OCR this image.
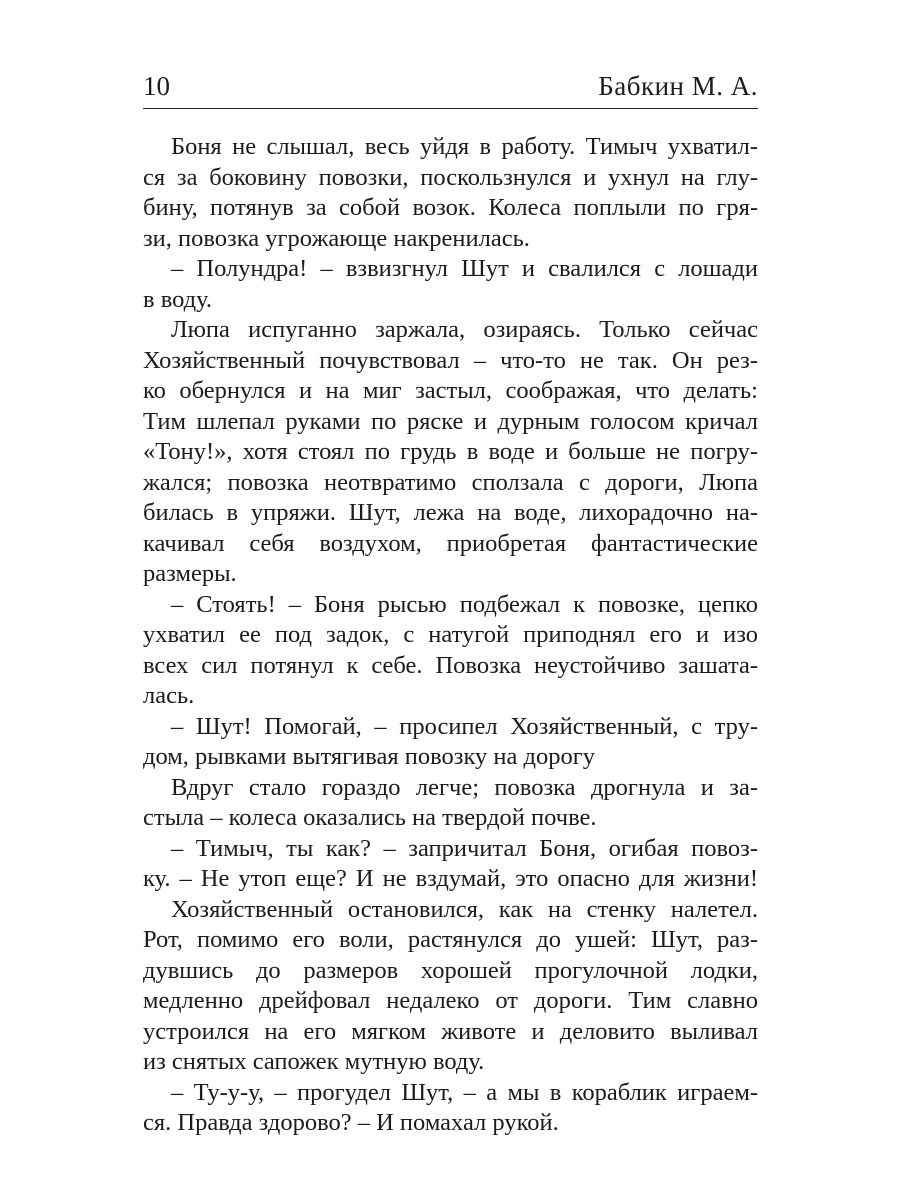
10	Бабкин М. А.
Боня не слышал, весь уйдя в работу. Тимыч ухватил-
ся за боковину повозки, поскользнулся и ухнул на глу-
бину, потянув за собой возок. Колеса поплыли по гря-
зи, повозка угрожающе накренилась.
– Полундра! – взвизгнул Шут и свалился с лошади
в воду.
Люпа испуганно заржала, озираясь. Только сейчас
Хозяйственный почувствовал – что-то не так. Он рез-
ко обернулся и на миг застыл, соображая, что делать:
Тим шлепал руками по ряске и дурным голосом кричал
«Тону!», хотя стоял по грудь в воде и больше не погру-
жался; повозка неотвратимо сползала с дороги, Люпа
билась в упряжи. Шут, лежа на воде, лихорадочно на-
качивал себя воздухом, приобретая фантастические
размеры.
– Стоять! – Боня рысью подбежал к повозке, цепко
ухватил ее под задок, с натугой приподнял его и изо
всех сил потянул к себе. Повозка неустойчиво зашата-
лась.
– Шут! Помогай, – просипел Хозяйственный, с тру-
дом, рывками вытягивая повозку на дорогу
Вдруг стало гораздо легче; повозка дрогнула и за-
стыла – колеса оказались на твердой почве.
– Тимыч, ты как? – запричитал Боня, огибая повоз-
ку. – Не утоп еще? И не вздумай, это опасно для жизни!
Хозяйственный остановился, как на стенку налетел.
Рот, помимо его воли, растянулся до ушей: Шут, раз-
дувшись до размеров хорошей прогулочной лодки,
медленно дрейфовал недалеко от дороги. Тим славно
устроился на его мягком животе и деловито выливал
из снятых сапожек мутную воду.
– Ту-у-у, – прогудел Шут, – а мы в кораблик играем-
ся. Правда здорово? – И помахал рукой.
